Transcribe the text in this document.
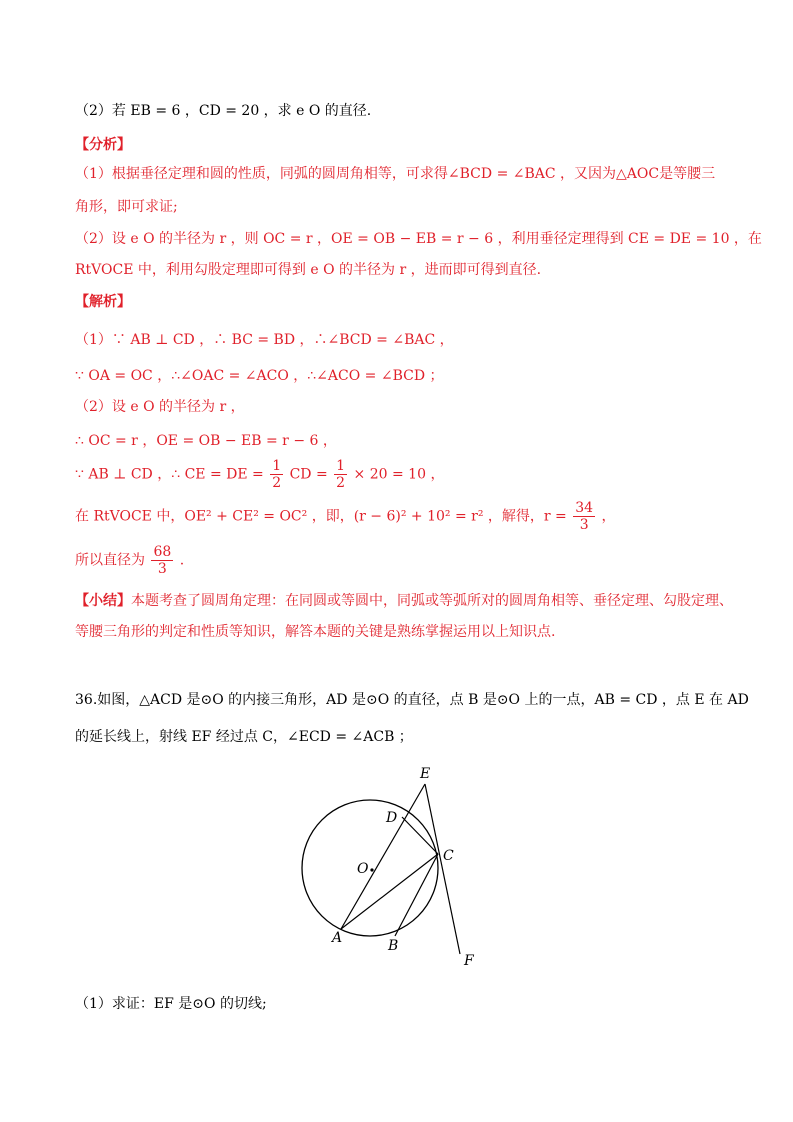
（2）若 EB = 6 ，CD = 20 ，求 e O 的直径.
【分析】
（1）根据垂径定理和圆的性质，同弧的圆周角相等，可求得∠BCD = ∠BAC ，又因为△AOC是等腰三
角形，即可求证;
（2）设 e O 的半径为 r ，则 OC = r ，OE = OB − EB = r − 6 ，利用垂径定理得到 CE = DE = 10 ，在
RtVOCE 中，利用勾股定理即可得到 e O 的半径为 r ，进而即可得到直径.
【解析】
（1）∵ AB ⊥ CD ，∴ BC = BD ，∴∠BCD = ∠BAC ，
∵ OA = OC ，∴∠OAC = ∠ACO ，∴∠ACO = ∠BCD ；
（2）设 e O 的半径为 r ，
∴ OC = r ，OE = OB − EB = r − 6 ，
∵ AB ⊥ CD ，∴ CE = DE = $\frac{1}{2}$ CD = $\frac{1}{2} \times 20 = 10$ ，
在 RtVOCE 中，OE² + CE² = OC² ，即，(r − 6)² + 10² = r² ，解得，$r = \frac{34}{3}$ ，
所以直径为 $\frac{68}{3}$ .
【小结】本题考查了圆周角定理：在同圆或等圆中，同弧或等弧所对的圆周角相等、垂径定理、勾股定理、
等腰三角形的判定和性质等知识，解答本题的关键是熟练掌握运用以上知识点.
36.如图，△ACD 是⊙O 的内接三角形，AD 是⊙O 的直径，点 B 是⊙O 上的一点，AB = CD ，点 E 在 AD
的延长线上，射线 EF 经过点 C，∠ECD = ∠ACB ；
E
D
O
C
A	B
F
（1）求证：EF 是⊙O 的切线;
